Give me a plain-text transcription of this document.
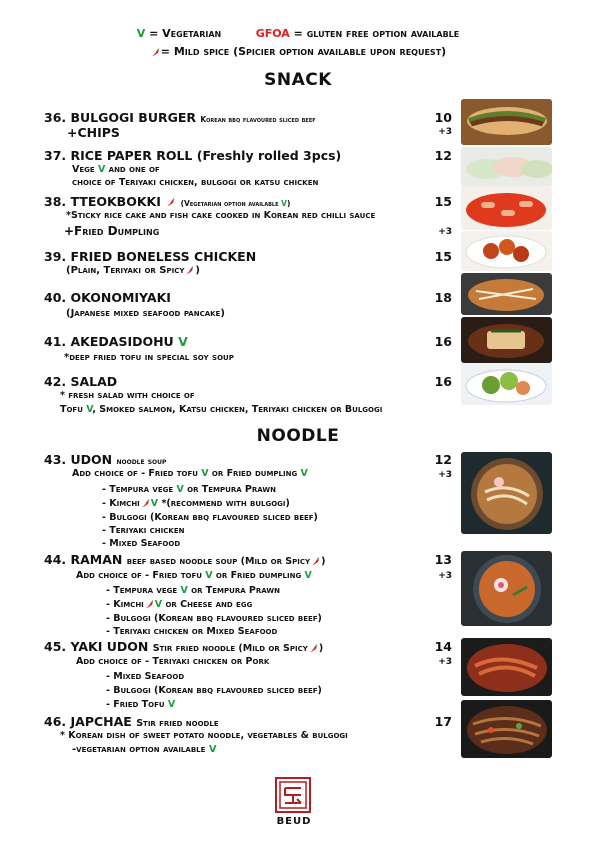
V = Vegetarian	GFOA = gluten free option available
= Mild spice (Spicier option available upon request)
SNACK
36. BULGOGI BURGER Korean bbq flavoured sliced beef	10
+CHIPS	+3
37. RICE PAPER ROLL (Freshly rolled 3pcs)	12
Vege V and one of
choice of Teriyaki chicken, bulgogi or katsu chicken
38. TTEOKBOKKI	(Vegetarian option available V)	15
*Sticky rice cake and fish cake cooked in Korean red chilli sauce
+Fried Dumpling	+3
39. FRIED BONELESS CHICKEN	15
(Plain, Teriyaki or Spicy )
40. OKONOMIYAKI	18
(Japanese mixed seafood pancake)
41. AKEDASIDOHU V	16
*deep fried tofu in special soy soup
42. SALAD	16
* fresh salad with choice of
Tofu V, Smoked salmon, Katsu chicken, Teriyaki chicken or Bulgogi
NOODLE
43. UDON noodle soup	12
+3
Add choice of - Fried tofu V or Fried dumpling V
- Tempura vege V or Tempura Prawn
- Kimchi V *(recommend with bulgogi)
- Bulgogi (Korean bbq flavoured sliced beef)
- Teriyaki chicken
- Mixed Seafood
44. RAMAN beef based noodle soup (Mild or Spicy )	13
+3
Add choice of - Fried tofu V or Fried dumpling V
- Tempura vege V or Tempura Prawn
- Kimchi V or Cheese and egg
- Bulgogi (Korean bbq flavoured sliced beef)
- Teriyaki chicken or Mixed Seafood
45. YAKI UDON Stir fried noodle (Mild or Spicy )	14
+3
Add choice of - Teriyaki chicken or Pork
- Mixed Seafood
- Bulgogi (Korean bbq flavoured sliced beef)
- Fried Tofu V
46. JAPCHAE Stir fried noodle	17
* Korean dish of sweet potato noodle, vegetables & bulgogi
-vegetarian option available V
BEUD
